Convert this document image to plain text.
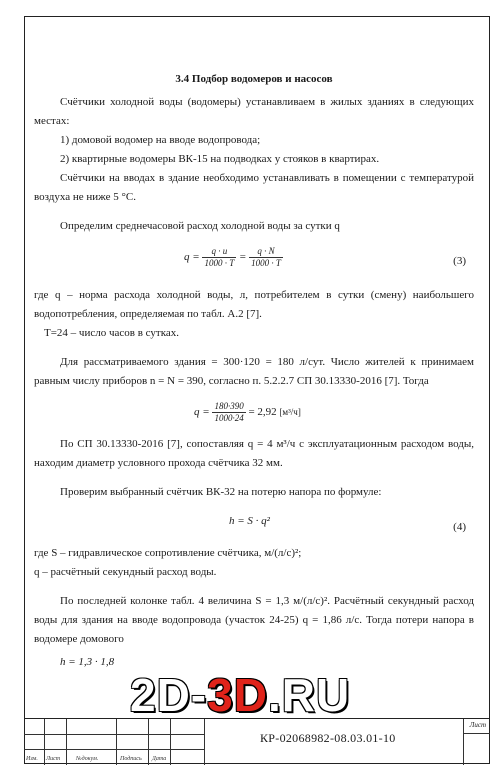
3.4 Подбор водомеров и насосов

Счётчики холодной воды (водомеры) устанавливаем в жилых зданиях в следующих местах:

1) домовой водомер на вводе водопровода;

2) квартирные водомеры ВК-15 на подводках у стояков в квартирах.

Счётчики на вводах в здание необходимо устанавливать в помещении с температурой воздуха не ниже 5 °С.

Определим среднечасовой расход холодной воды за сутки q

$q = \frac{q \cdot u}{1000 \cdot T} = \frac{q \cdot N}{1000 \cdot T}$	(3)

где q – норма расхода холодной воды, л, потребителем в сутки (смену) наибольшего водопотребления, определяемая по табл. А.2 [7].

T=24 – число часов в сутках.

Для рассматриваемого здания = 300·120 = 180 л/сут. Число жителей к принимаем равным числу приборов n = N = 390, согласно п. 5.2.2.7 СП 30.13330-2016 [7]. Тогда

$q = \frac{180\cdot 390}{1000\cdot 24} = 2,92$ [м³/ч]

По СП 30.13330-2016 [7], сопоставляя q = 4 м³/ч с эксплуатационным расходом воды, находим диаметр условного прохода счётчика 32 мм.

Проверим выбранный счётчик ВК-32 на потерю напора по формуле:

h = S · q²	(4)

где S – гидравлическое сопротивление счётчика, м/(л/с)²;

q – расчётный секундный расход воды.

По последней колонке табл. 4 величина S = 1,3 м/(л/с)². Расчётный секундный расход воды для здания на вводе водопровода (участок 24-25) q = 1,86 л/с. Тогда потери напора в водомере домового

h = 1,3 · 1,8
Изм. Лист	№докум.	Подпись Дата
КР-02068982-08.03.01-10
Лист
2D-3D.RU
